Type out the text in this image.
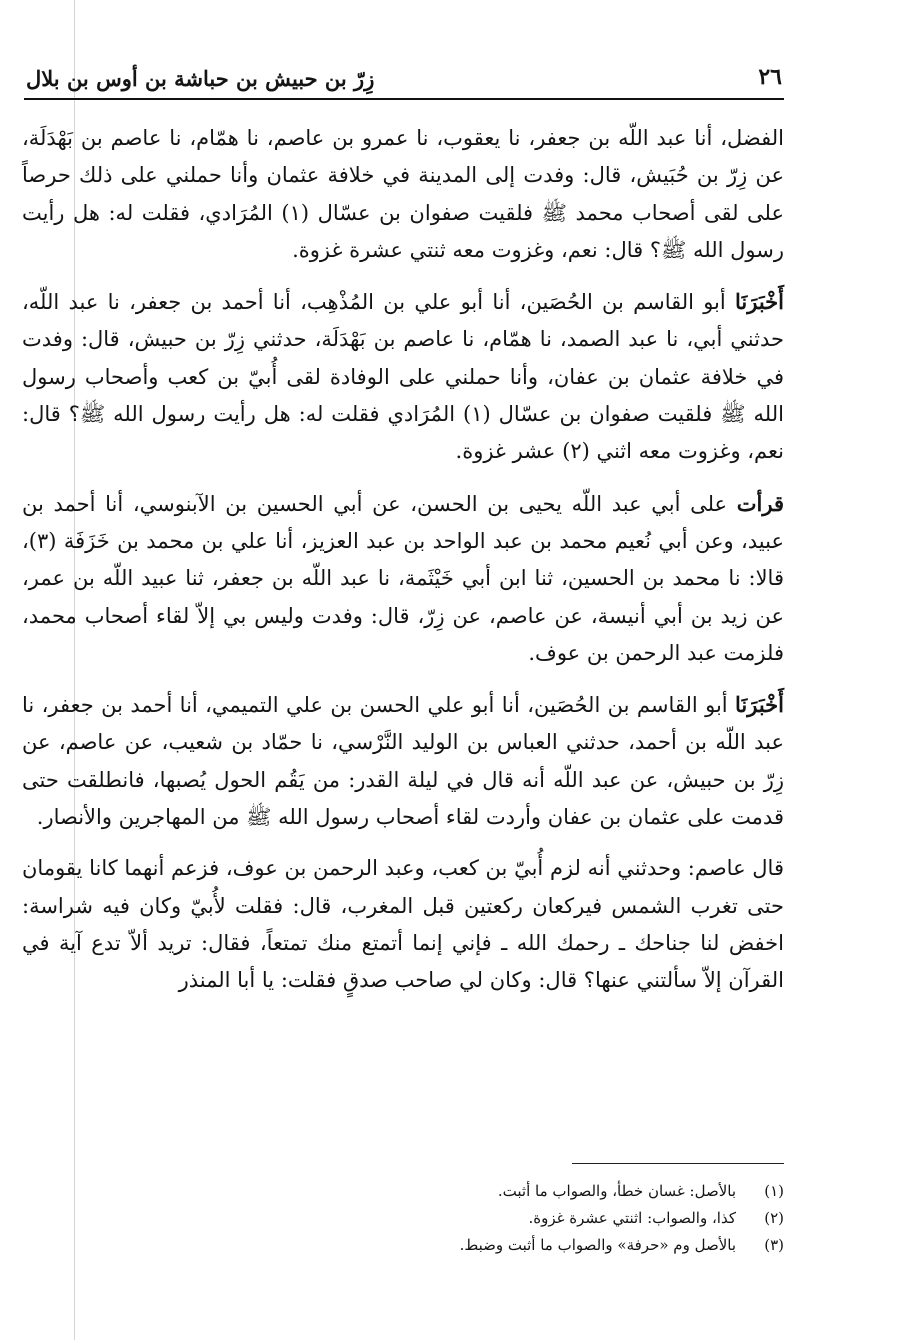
٢٦
زِرّ بن حبيش بن حباشة بن أوس بن بلال

الفضل، أنا عبد اللّه بن جعفر، نا يعقوب، نا عمرو بن عاصم، نا همّام، نا عاصم بن بَهْدَلَة، عن زِرّ بن حُبَيش، قال: وفدت إلى المدينة في خلافة عثمان وأنا حملني على ذلك حرصاً على لقى أصحاب محمد ﷺ فلقيت صفوان بن عسّال (١) المُرَادي، فقلت له: هل رأيت رسول الله ﷺ؟ قال: نعم، وغزوت معه ثنتي عشرة غزوة.

أَخْبَرَنَا أبو القاسم بن الحُصَين، أنا أبو علي بن المُذْهِب، أنا أحمد بن جعفر، نا عبد اللّه، حدثني أبي، نا عبد الصمد، نا همّام، نا عاصم بن بَهْدَلَة، حدثني زِرّ بن حبيش، قال: وفدت في خلافة عثمان بن عفان، وأنا حملني على الوفادة لقى أُبيّ بن كعب وأصحاب رسول الله ﷺ فلقيت صفوان بن عسّال (١) المُرَادي فقلت له: هل رأيت رسول الله ﷺ؟ قال: نعم، وغزوت معه اثني (٢) عشر غزوة.

قرأت على أبي عبد اللّه يحيى بن الحسن، عن أبي الحسين بن الآبنوسي، أنا أحمد بن عبيد، وعن أبي نُعيم محمد بن عبد الواحد بن عبد العزيز، أنا علي بن محمد بن خَزَفَة (٣)، قالا: نا محمد بن الحسين، ثنا ابن أبي خَيْثَمة، نا عبد اللّه بن جعفر، ثنا عبيد اللّه بن عمر، عن زيد بن أبي أنيسة، عن عاصم، عن زِرّ، قال: وفدت وليس بي إلاّ لقاء أصحاب محمد، فلزمت عبد الرحمن بن عوف.

أَخْبَرَنَا أبو القاسم بن الحُصَين، أنا أبو علي الحسن بن علي التميمي، أنا أحمد بن جعفر، نا عبد اللّه بن أحمد، حدثني العباس بن الوليد النَّرْسي، نا حمّاد بن شعيب، عن عاصم، عن زِرّ بن حبيش، عن عبد اللّه أنه قال في ليلة القدر: من يَقُم الحول يُصبها، فانطلقت حتى قدمت على عثمان بن عفان وأردت لقاء أصحاب رسول الله ﷺ من المهاجرين والأنصار.

قال عاصم: وحدثني أنه لزم أُبيّ بن كعب، وعبد الرحمن بن عوف، فزعم أنهما كانا يقومان حتى تغرب الشمس فيركعان ركعتين قبل المغرب، قال: فقلت لأُبيّ وكان فيه شراسة: اخفض لنا جناحك ـ رحمك الله ـ فإني إنما أتمتع منك تمتعاً، فقال: تريد ألاّ تدع آية في القرآن إلاّ سألتني عنها؟ قال: وكان لي صاحب صدقٍ فقلت: يا أبا المنذر

(١)
بالأصل: غسان خطأ، والصواب ما أثبت.
(٢)
كذا، والصواب: اثنتي عشرة غزوة.
(٣)
بالأصل وم «حرفة» والصواب ما أثبت وضبط.
